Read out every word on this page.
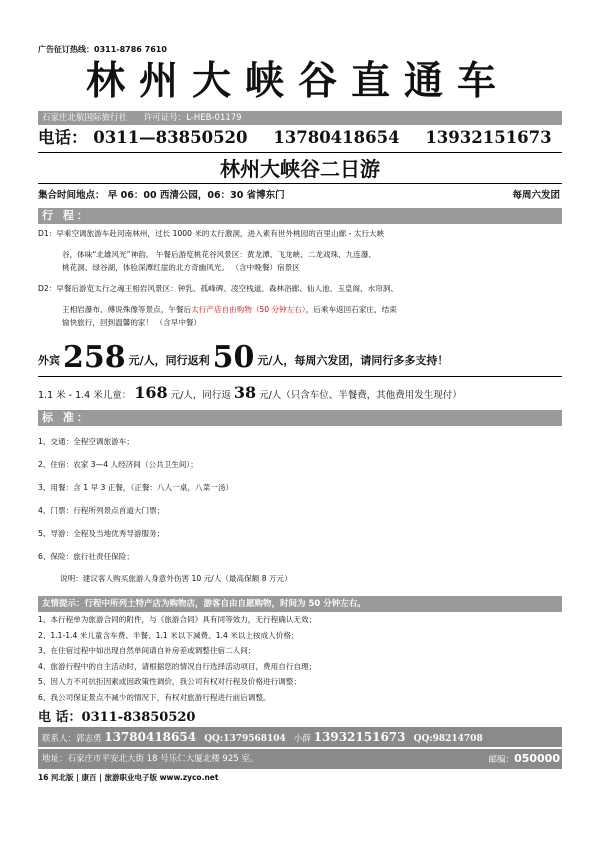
广告征订热线：0311-8786 7610
林州大峡谷直通车
石家庄北航国际旅行社 许可证号：L-HEB-01179
电话： 0311—83850520 13780418654 13932151673
林州大峡谷二日游
集合时间地点： 早 06：00 西清公园，06：30 省博东门	每周六发团
行 程：
D1：早乘空调旅游车赴河南林州，过长 1000 米的太行激洞，进入素有世外桃园的百里山廊 - 太行大峡
谷，体味“北雄风光”神韵。 午餐后游览桃花谷风景区：黄龙潭、飞龙峡、二龙戏珠、九连瀑、
桃花洞、绿谷湖，体验深潭红崖的北方奇幽风光。 （含中晚餐）宿景区
D2：早餐后游览太行之魂王相岩风景区：钟乳、孤峰碑、凌空栈道、森林浴廊、仙人池、玉皇阁、水帘洞、
王相岩瀑布、傅说殊像等景点，午餐后太行产店自由购物（50 分钟左右），后乘车返回石家庄，结束
愉快旅行，回到温馨的家！ （含早中餐）
外宾 258 元/人，同行返利 50 元/人，每周六发团，请同行多多支持！
1.1 米 - 1.4 米儿童： 168 元/人，同行返 38 元/人（只含车位、半餐费，其他费用发生现付）
标 准：
1、交通：全程空调旅游车；
2、住宿：农家 3—4 人经济间（公共卫生间）；
3、用餐：含 1 早 3 正餐，（正餐：八人一桌，八菜一汤）
4、门票：行程所列景点首道大门票；
5、导游：全程及当地优秀导游服务；
6、保险：旅行社责任保险；
说明：建议客人购买旅游人身意外伤害 10 元/人（最高保额 8 万元）
友情提示：行程中所列土特产店为购物店，游客自由自愿购物，时间为 50 分钟左右。
1、本行程单为旅游合同的附件，与《旅游合同》具有同等效力，无行程确认无效；
2、1.1-1.4 米儿童含车费、半餐、1.1 米以下减费、1.4 米以上按成人价格；
3、在住宿过程中如出现自然单间请自补房差或调整住宿二人间；
4、旅游行程中的自主活动时，请根据您的情况自行选择活动项目，费用自行自理；
5、因人力不可抗拒因素或因政策性调价，我公司有权对行程及价格进行调整；
6、我公司保证景点不减少的情况下，有权对旅游行程进行前后调整。
电 话：0311-83850520
联系人：郭志勇 13780418654 QQ:1379568104 小薛 13932151673 QQ:98214708
地址：石家庄市平安北大街 18 号乐仁大厦北楼 925 室。	邮编：050000
16 河北版 | 康百 | 旅游职业电子版 www.zyco.net
